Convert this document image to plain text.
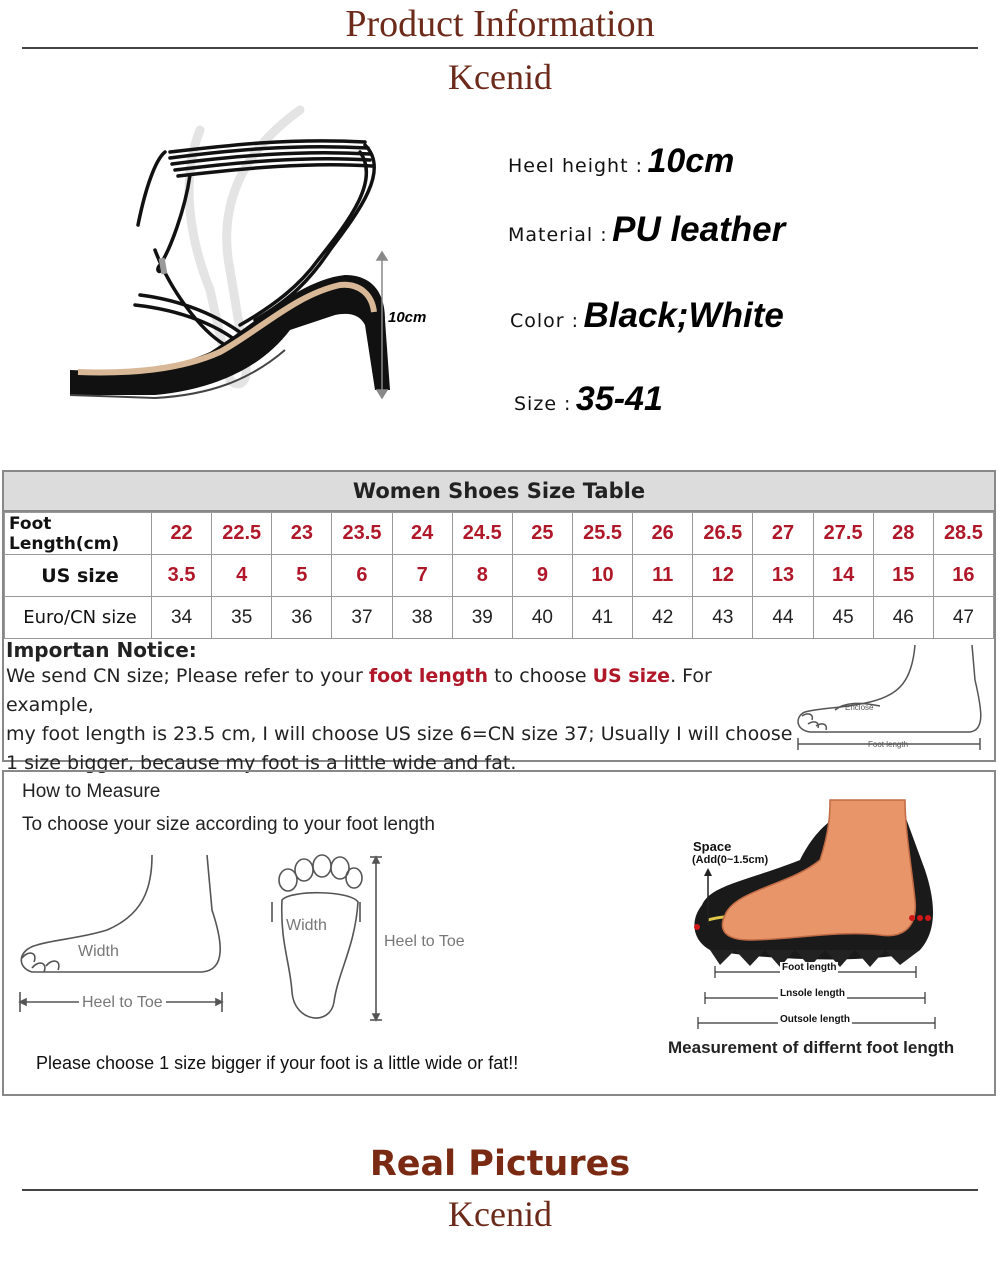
Product Information
Kcenid
10cm
Heel height : 10cm
Material : PU leather
Color : Black;White
Size : 35-41
Women Shoes Size Table
Foot Length(cm)	22	22.5	23	23.5	24	24.5	25	25.5	26	26.5	27	27.5	28	28.5
US size	3.5	4	5	6	7	8	9	10	11	12	13	14	15	16
Euro/CN size	34	35	36	37	38	39	40	41	42	43	44	45	46	47
Importan Notice:
We send CN size; Please refer to your foot length to choose US size. For example,
my foot length is 23.5 cm, I will choose US size 6=CN size 37; Usually I will choose
1 size bigger, because my foot is a little wide and fat.
Enclose
Foot length
How to Measure
To choose your size according to your foot length
Width
Heel to Toe
Width
Heel to Toe
Please choose 1 size bigger if your foot is a little wide or fat!!
Space
(Add(0~1.5cm)
Foot length
Lnsole length
Outsole length
Measurement of differnt foot length
Real Pictures
Kcenid
